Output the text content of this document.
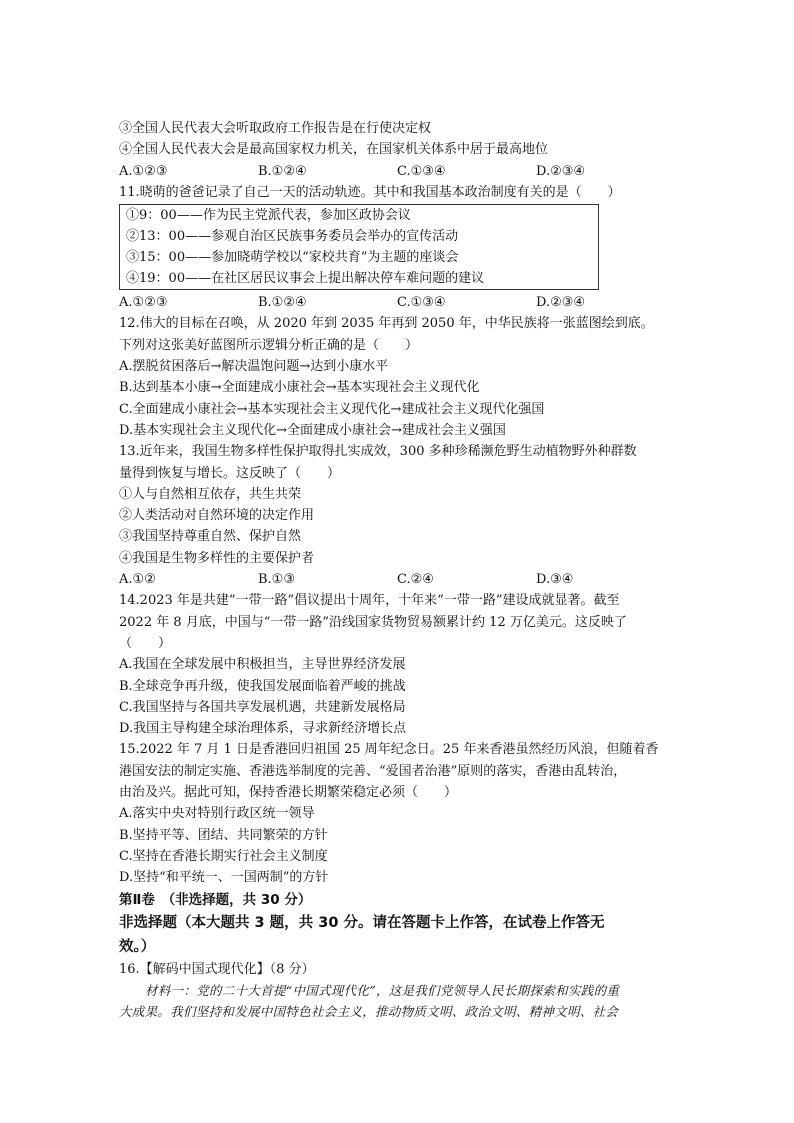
③全国人民代表大会听取政府工作报告是在行使决定权
④全国人民代表大会是最高国家权力机关，在国家机关体系中居于最高地位
A.①②③	B.①②④	C.①③④	D.②③④
11.晓萌的爸爸记录了自己一天的活动轨迹。其中和我国基本政治制度有关的是（　　）
①9：00——作为民主党派代表，参加区政协会议
②13：00——参观自治区民族事务委员会举办的宣传活动
③15：00——参加晓萌学校以“家校共育”为主题的座谈会
④19：00——在社区居民议事会上提出解决停车难问题的建议
A.①②③	B.①②④	C.①③④	D.②③④
12.伟大的目标在召唤，从 2020 年到 2035 年再到 2050 年，中华民族将一张蓝图绘到底。
下列对这张美好蓝图所示逻辑分析正确的是（　　）
A.摆脱贫困落后→解决温饱问题→达到小康水平
B.达到基本小康→全面建成小康社会→基本实现社会主义现代化
C.全面建成小康社会→基本实现社会主义现代化→建成社会主义现代化强国
D.基本实现社会主义现代化→全面建成小康社会→建成社会主义强国
13.近年来，我国生物多样性保护取得扎实成效，300 多种珍稀濒危野生动植物野外种群数
量得到恢复与增长。这反映了（　　）
①人与自然相互依存，共生共荣
②人类活动对自然环境的决定作用
③我国坚持尊重自然、保护自然
④我国是生物多样性的主要保护者
A.①②	B.①③	C.②④	D.③④
14.2023 年是共建“一带一路”倡议提出十周年，十年来“一带一路”建设成就显著。截至
2022 年 8 月底，中国与“一带一路”沿线国家货物贸易额累计约 12 万亿美元。这反映了
（　　）
A.我国在全球发展中积极担当，主导世界经济发展
B.全球竞争再升级，使我国发展面临着严峻的挑战
C.我国坚持与各国共享发展机遇，共建新发展格局
D.我国主导构建全球治理体系，寻求新经济增长点
15.2022 年 7 月 1 日是香港回归祖国 25 周年纪念日。25 年来香港虽然经历风浪，但随着香
港国安法的制定实施、香港选举制度的完善、“爱国者治港”原则的落实，香港由乱转治，
由治及兴。据此可知，保持香港长期繁荣稳定必须（　　）
A.落实中央对特别行政区统一领导
B.坚持平等、团结、共同繁荣的方针
C.坚持在香港长期实行社会主义制度
D.坚持“和平统一、一国两制”的方针
第Ⅱ卷　（非选择题，共 30 分）
非选择题（本大题共 3 题，共 30 分。请在答题卡上作答，在试卷上作答无
效。）
16.【解码中国式现代化】（8 分）
材料一：党的二十大首提“中国式现代化”，这是我们党领导人民长期探索和实践的重
大成果。我们坚持和发展中国特色社会主义，推动物质文明、政治文明、精神文明、社会
